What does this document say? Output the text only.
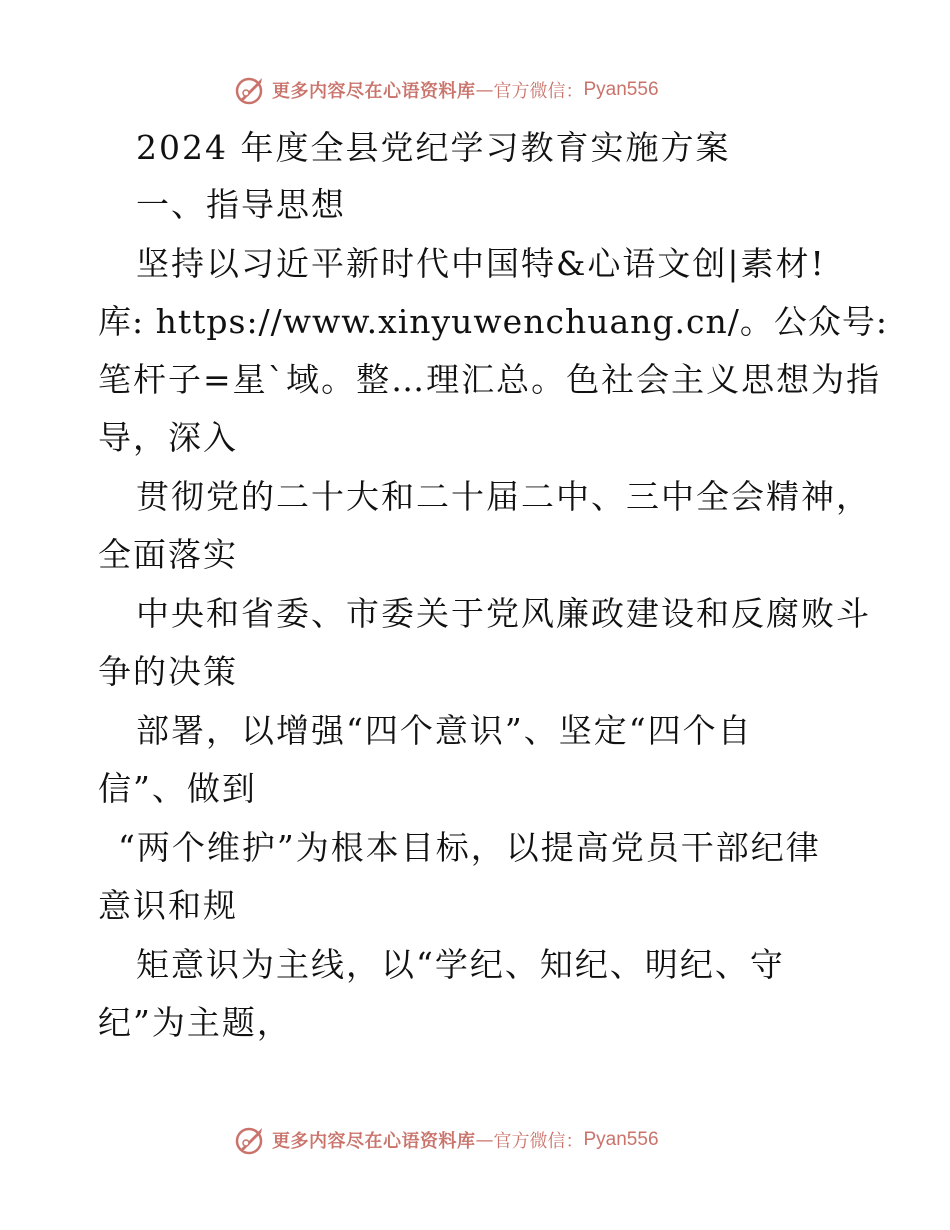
更多内容尽在心语资料库 — 官方微信： Pyan556
2024 年度全县党纪学习教育实施方案
一、指导思想
坚持以习近平新时代中国特&心语文创|素材!
库: https://www.xinyuwenchuang.cn/。公众号:
笔杆子=星`域。整…理汇总。色社会主义思想为指
导，深入
贯彻党的二十大和二十届二中、三中全会精神，
全面落实
中央和省委、市委关于党风廉政建设和反腐败斗
争的决策
部署，以增强“四个意识”、坚定“四个自
信”、做到
“两个维护”为根本目标，以提高党员干部纪律
意识和规
矩意识为主线，以“学纪、知纪、明纪、守
纪”为主题，
更多内容尽在心语资料库 — 官方微信： Pyan556
